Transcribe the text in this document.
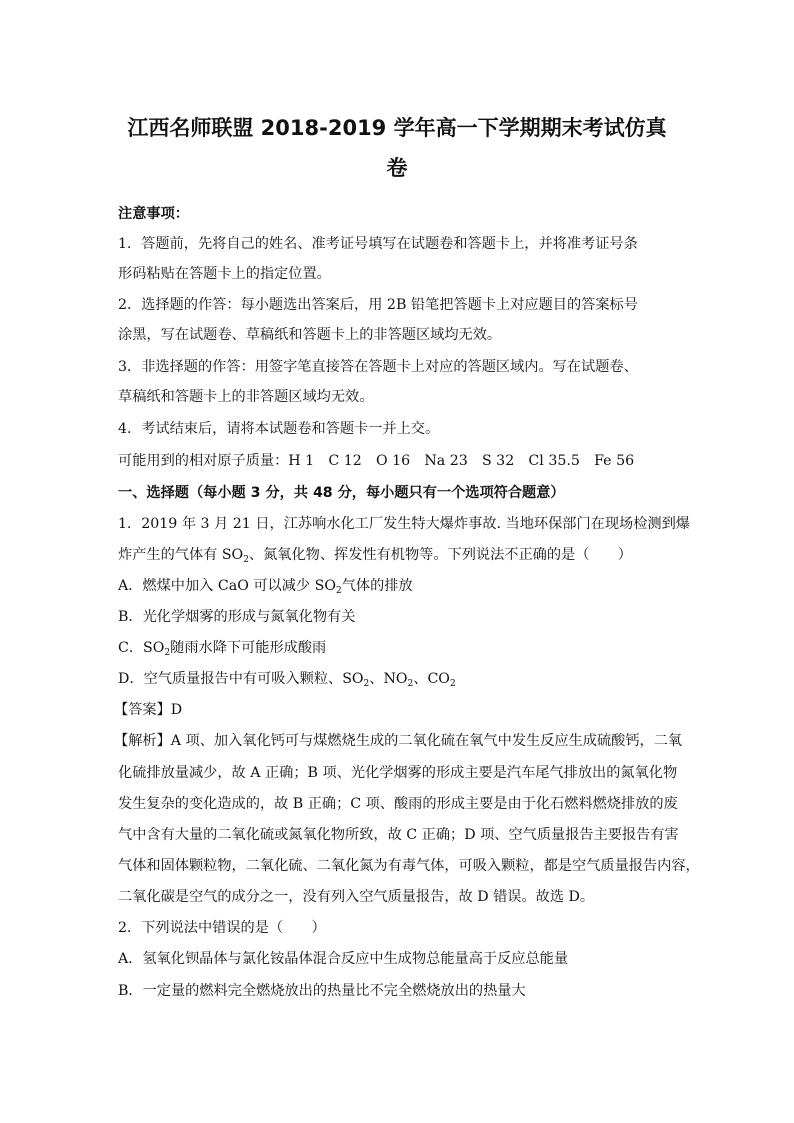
江西名师联盟 2018-2019 学年高一下学期期末考试仿真
卷
注意事项：
1．答题前，先将自己的姓名、准考证号填写在试题卷和答题卡上，并将准考证号条
形码粘贴在答题卡上的指定位置。
2．选择题的作答：每小题选出答案后，用 2B 铅笔把答题卡上对应题目的答案标号
涂黑，写在试题卷、草稿纸和答题卡上的非答题区域均无效。
3．非选择题的作答：用签字笔直接答在答题卡上对应的答题区域内。写在试题卷、
草稿纸和答题卡上的非答题区域均无效。
4．考试结束后，请将本试题卷和答题卡一并上交。
可能用到的相对原子质量：H 1　C 12　O 16　Na 23　S 32　Cl 35.5　Fe 56
一、选择题（每小题 3 分，共 48 分，每小题只有一个选项符合题意）
1．2019 年 3 月 21 日，江苏响水化工厂发生特大爆炸事故. 当地环保部门在现场检测到爆
炸产生的气体有 $SO_2$、氮氧化物、挥发性有机物等。下列说法不正确的是（　　）
A．燃煤中加入 CaO 可以减少 $SO_2$气体的排放
B．光化学烟雾的形成与氮氧化物有关
C．$SO_2$随雨水降下可能形成酸雨
D．空气质量报告中有可吸入颗粒、$SO_2$、$NO_2$、$CO_2$
【答案】D
【解析】A 项、加入氧化钙可与煤燃烧生成的二氧化硫在氧气中发生反应生成硫酸钙，二氧
化硫排放量减少，故 A 正确；B 项、光化学烟雾的形成主要是汽车尾气排放出的氮氧化物
发生复杂的变化造成的，故 B 正确；C 项、酸雨的形成主要是由于化石燃料燃烧排放的废
气中含有大量的二氧化硫或氮氧化物所致，故 C 正确；D 项、空气质量报告主要报告有害
气体和固体颗粒物，二氧化硫、二氧化氮为有毒气体，可吸入颗粒，都是空气质量报告内容，
二氧化碳是空气的成分之一，没有列入空气质量报告，故 D 错误。故选 D。
2．下列说法中错误的是（　　）
A．氢氧化钡晶体与氯化铵晶体混合反应中生成物总能量高于反应总能量
B．一定量的燃料完全燃烧放出的热量比不完全燃烧放出的热量大
